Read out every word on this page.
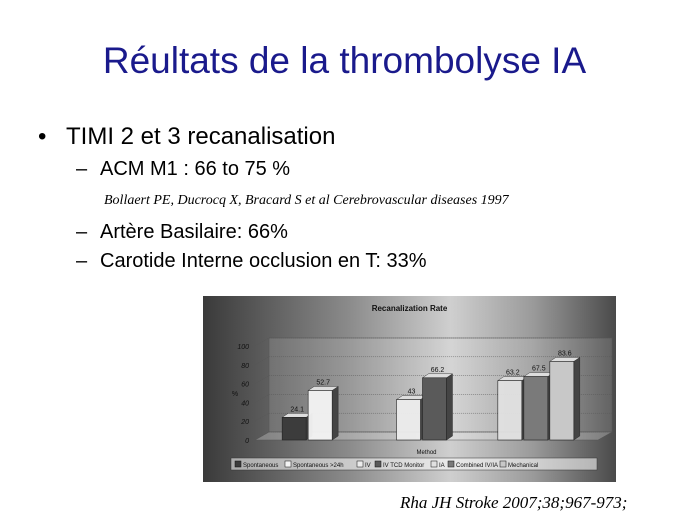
Réultats de la thrombolyse IA
• TIMI 2 et 3 recanalisation
– ACM M1 : 66 to 75 %
Bollaert PE, Ducrocq X, Bracard S et al Cerebrovascular diseases 1997
– Artère Basilaire: 66%
– Carotide Interne occlusion en T: 33%
Recanalization Rate
0
20
40
60
80
100
%
24.1
52.7
43
66.2	63.2
67.5
83.6
Method
Spontaneous Spontaneous >24h	IV IV TCD Monitor IA Combined IV/IA Mechanical
Rha JH Stroke 2007;38;967-973;
